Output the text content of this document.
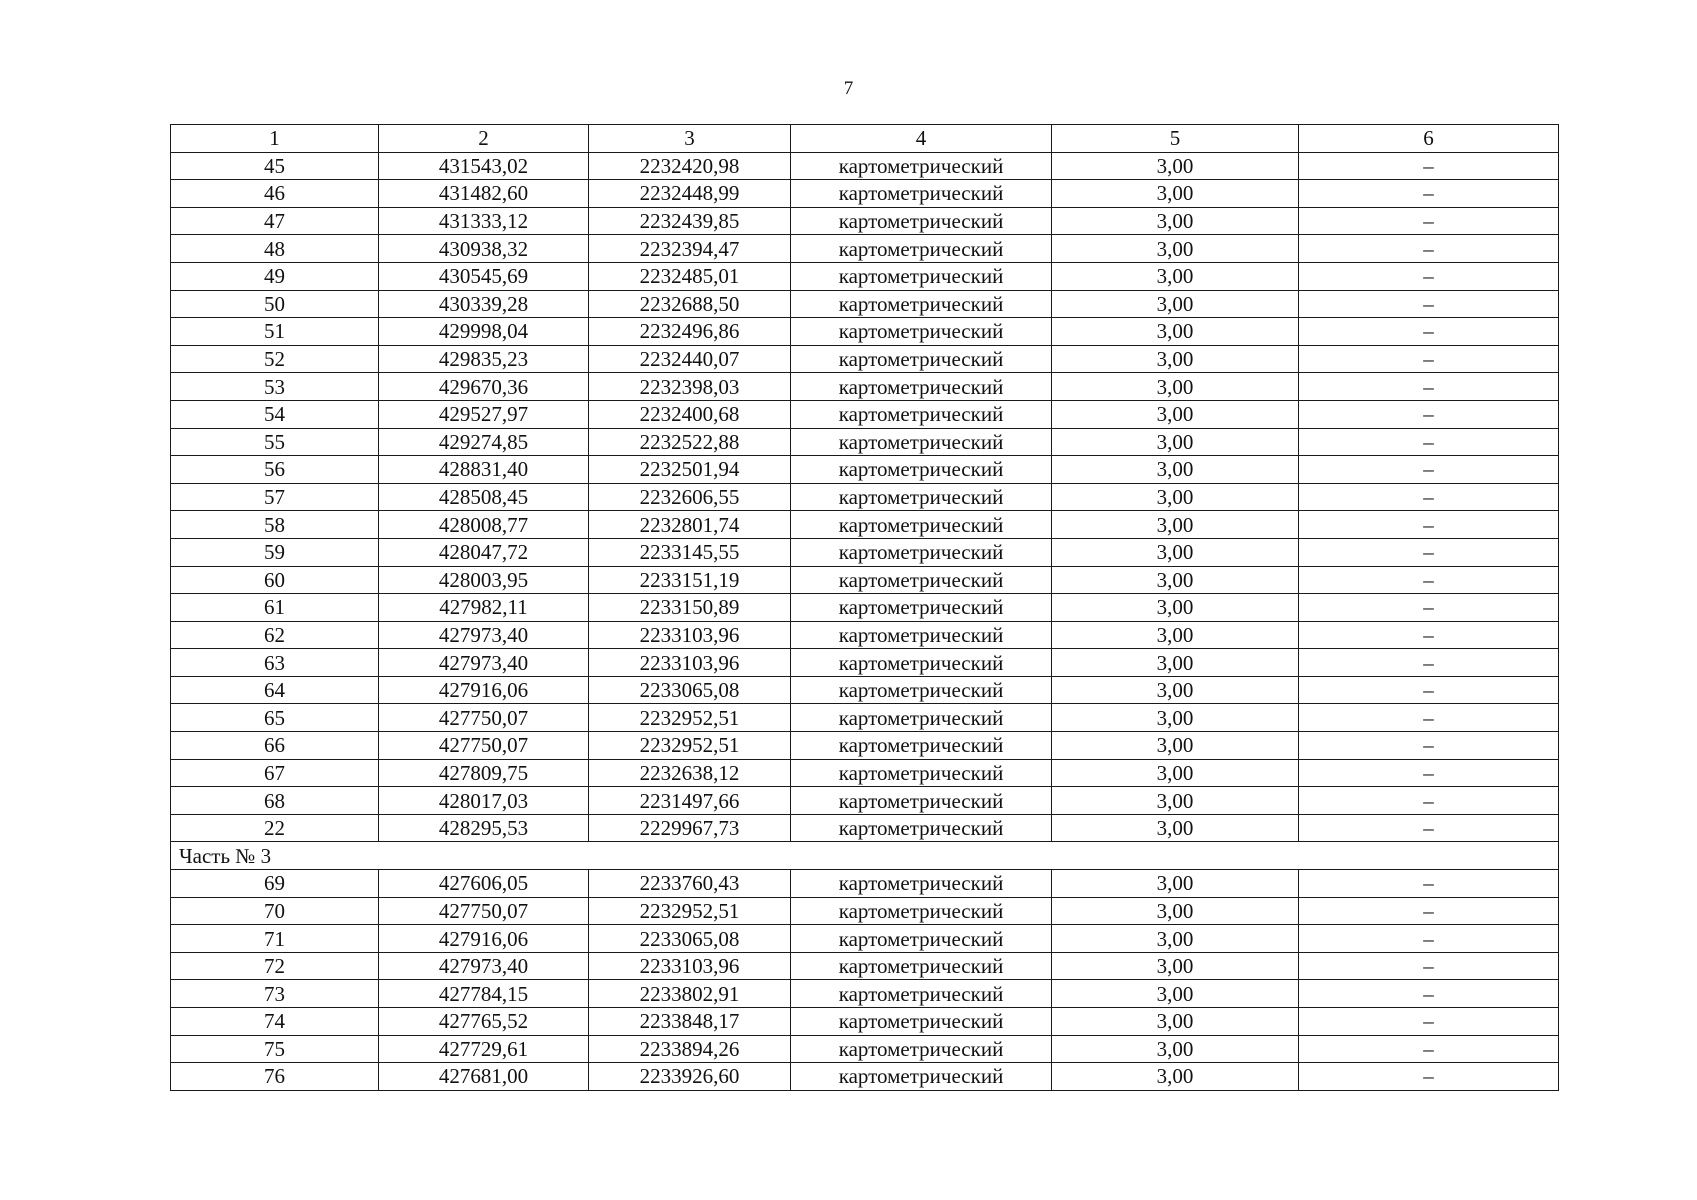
7
1	2	3	4	5	6
45	431543,02	2232420,98	картометрический	3,00	–
46	431482,60	2232448,99	картометрический	3,00	–
47	431333,12	2232439,85	картометрический	3,00	–
48	430938,32	2232394,47	картометрический	3,00	–
49	430545,69	2232485,01	картометрический	3,00	–
50	430339,28	2232688,50	картометрический	3,00	–
51	429998,04	2232496,86	картометрический	3,00	–
52	429835,23	2232440,07	картометрический	3,00	–
53	429670,36	2232398,03	картометрический	3,00	–
54	429527,97	2232400,68	картометрический	3,00	–
55	429274,85	2232522,88	картометрический	3,00	–
56	428831,40	2232501,94	картометрический	3,00	–
57	428508,45	2232606,55	картометрический	3,00	–
58	428008,77	2232801,74	картометрический	3,00	–
59	428047,72	2233145,55	картометрический	3,00	–
60	428003,95	2233151,19	картометрический	3,00	–
61	427982,11	2233150,89	картометрический	3,00	–
62	427973,40	2233103,96	картометрический	3,00	–
63	427973,40	2233103,96	картометрический	3,00	–
64	427916,06	2233065,08	картометрический	3,00	–
65	427750,07	2232952,51	картометрический	3,00	–
66	427750,07	2232952,51	картометрический	3,00	–
67	427809,75	2232638,12	картометрический	3,00	–
68	428017,03	2231497,66	картометрический	3,00	–
22	428295,53	2229967,73	картометрический	3,00	–
Часть № 3					
69	427606,05	2233760,43	картометрический	3,00	–
70	427750,07	2232952,51	картометрический	3,00	–
71	427916,06	2233065,08	картометрический	3,00	–
72	427973,40	2233103,96	картометрический	3,00	–
73	427784,15	2233802,91	картометрический	3,00	–
74	427765,52	2233848,17	картометрический	3,00	–
75	427729,61	2233894,26	картометрический	3,00	–
76	427681,00	2233926,60	картометрический	3,00	–
